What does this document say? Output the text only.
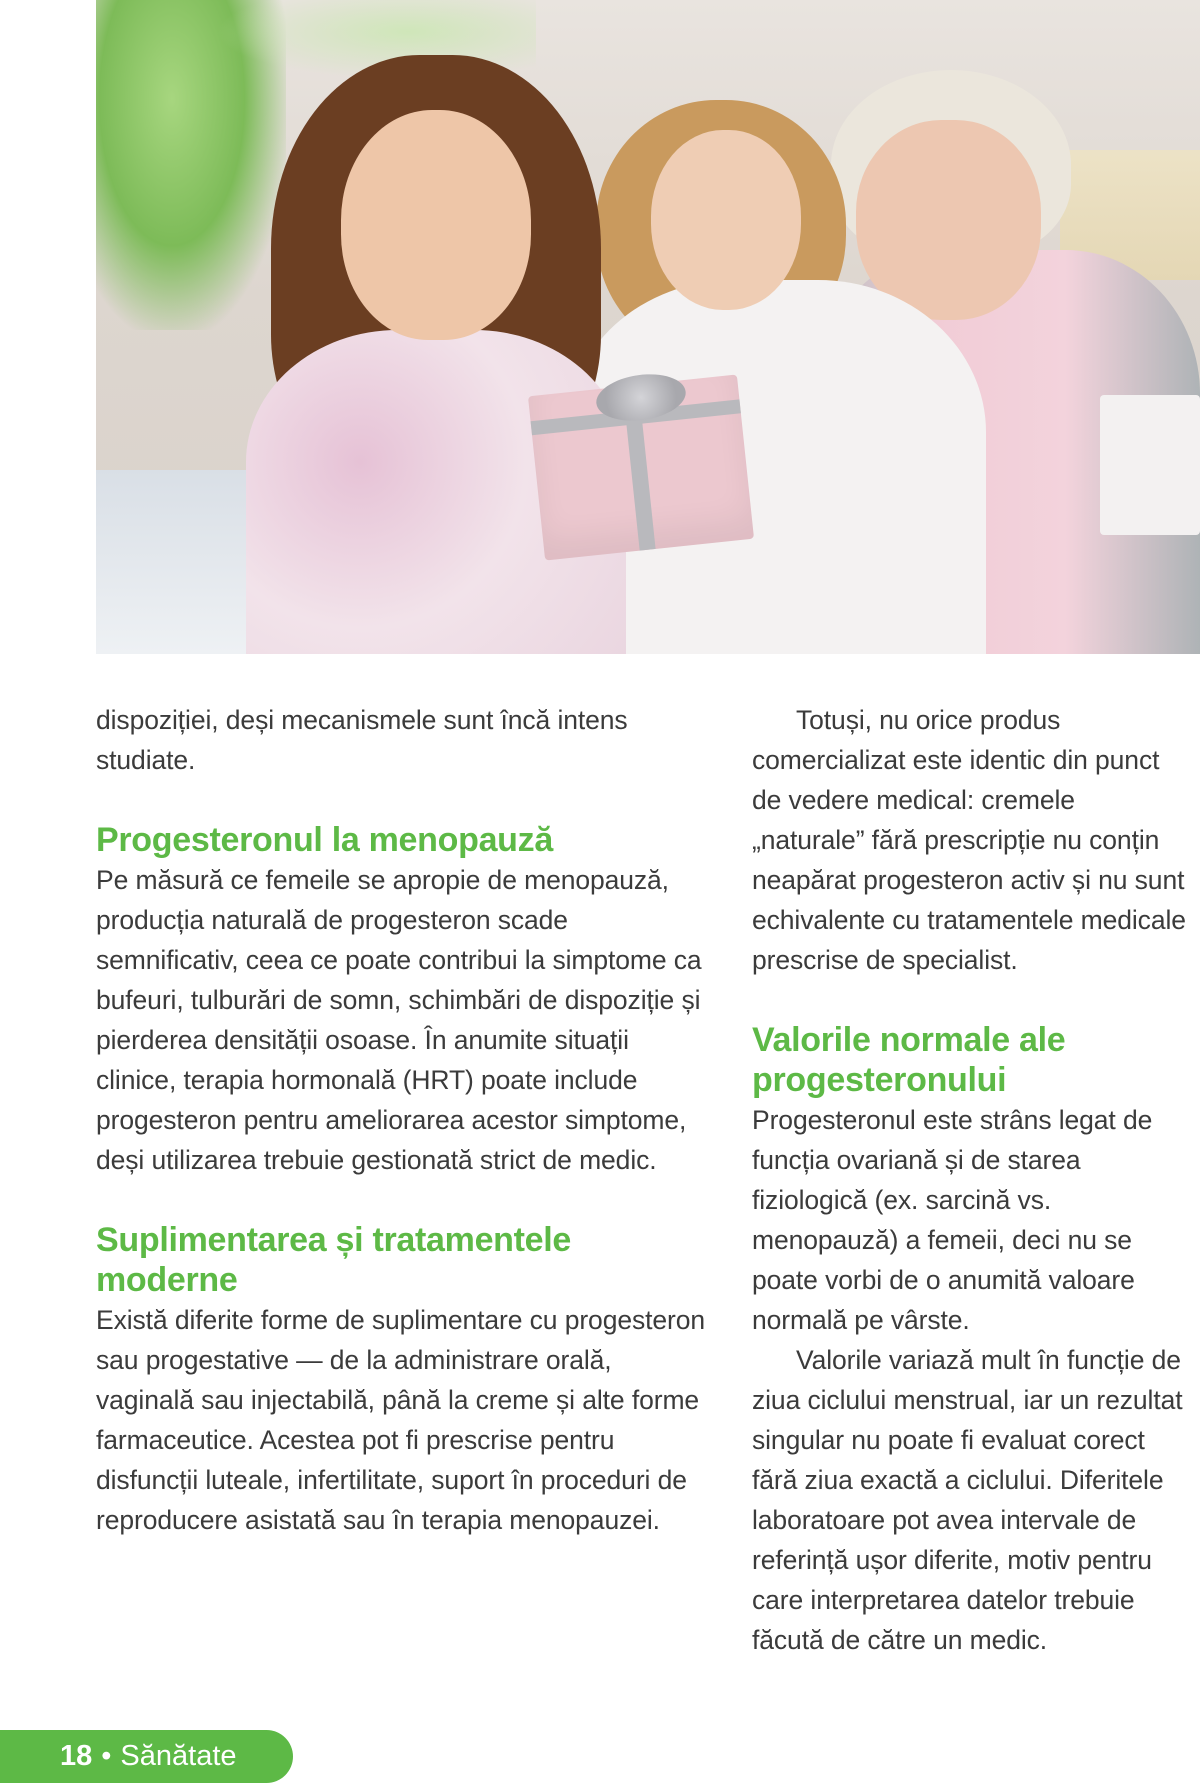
dispoziției, deși mecanismele sunt încă intens studiate.

Progesteronul la menopauză

Pe măsură ce femeile se apropie de menopauză, producția naturală de progesteron scade semnificativ, ceea ce poate contribui la simptome ca bufeuri, tulburări de somn, schimbări de dispoziție și pierderea densității osoase. În anumite situații clinice, terapia hormonală (HRT) poate include progesteron pentru ameliorarea acestor simptome, deși utilizarea trebuie gestionată strict de medic.

Suplimentarea și tratamentele moderne

Există diferite forme de suplimentare cu progesteron sau progestative — de la administrare orală, vaginală sau injectabilă, până la creme și alte forme farmaceutice. Acestea pot fi prescrise pentru disfuncții luteale, infertilitate, suport în proceduri de reproducere asistată sau în terapia menopauzei.

Totuși, nu orice produs comercializat este identic din punct de vedere medical: cremele „naturale” fără prescripție nu conțin neapărat progesteron activ și nu sunt echivalente cu tratamentele medicale prescrise de specialist.

Valorile normale ale progesteronului

Progesteronul este strâns legat de funcția ovariană și de starea fiziologică (ex. sarcină vs. menopauză) a femeii, deci nu se poate vorbi de o anumită valoare normală pe vârste.

Valorile variază mult în funcție de ziua ciclului menstrual, iar un rezultat singular nu poate fi evaluat corect fără ziua exactă a ciclului. Diferitele laboratoare pot avea intervale de referință ușor diferite, motiv pentru care interpretarea datelor trebuie făcută de către un medic.

18 • Sănătate
